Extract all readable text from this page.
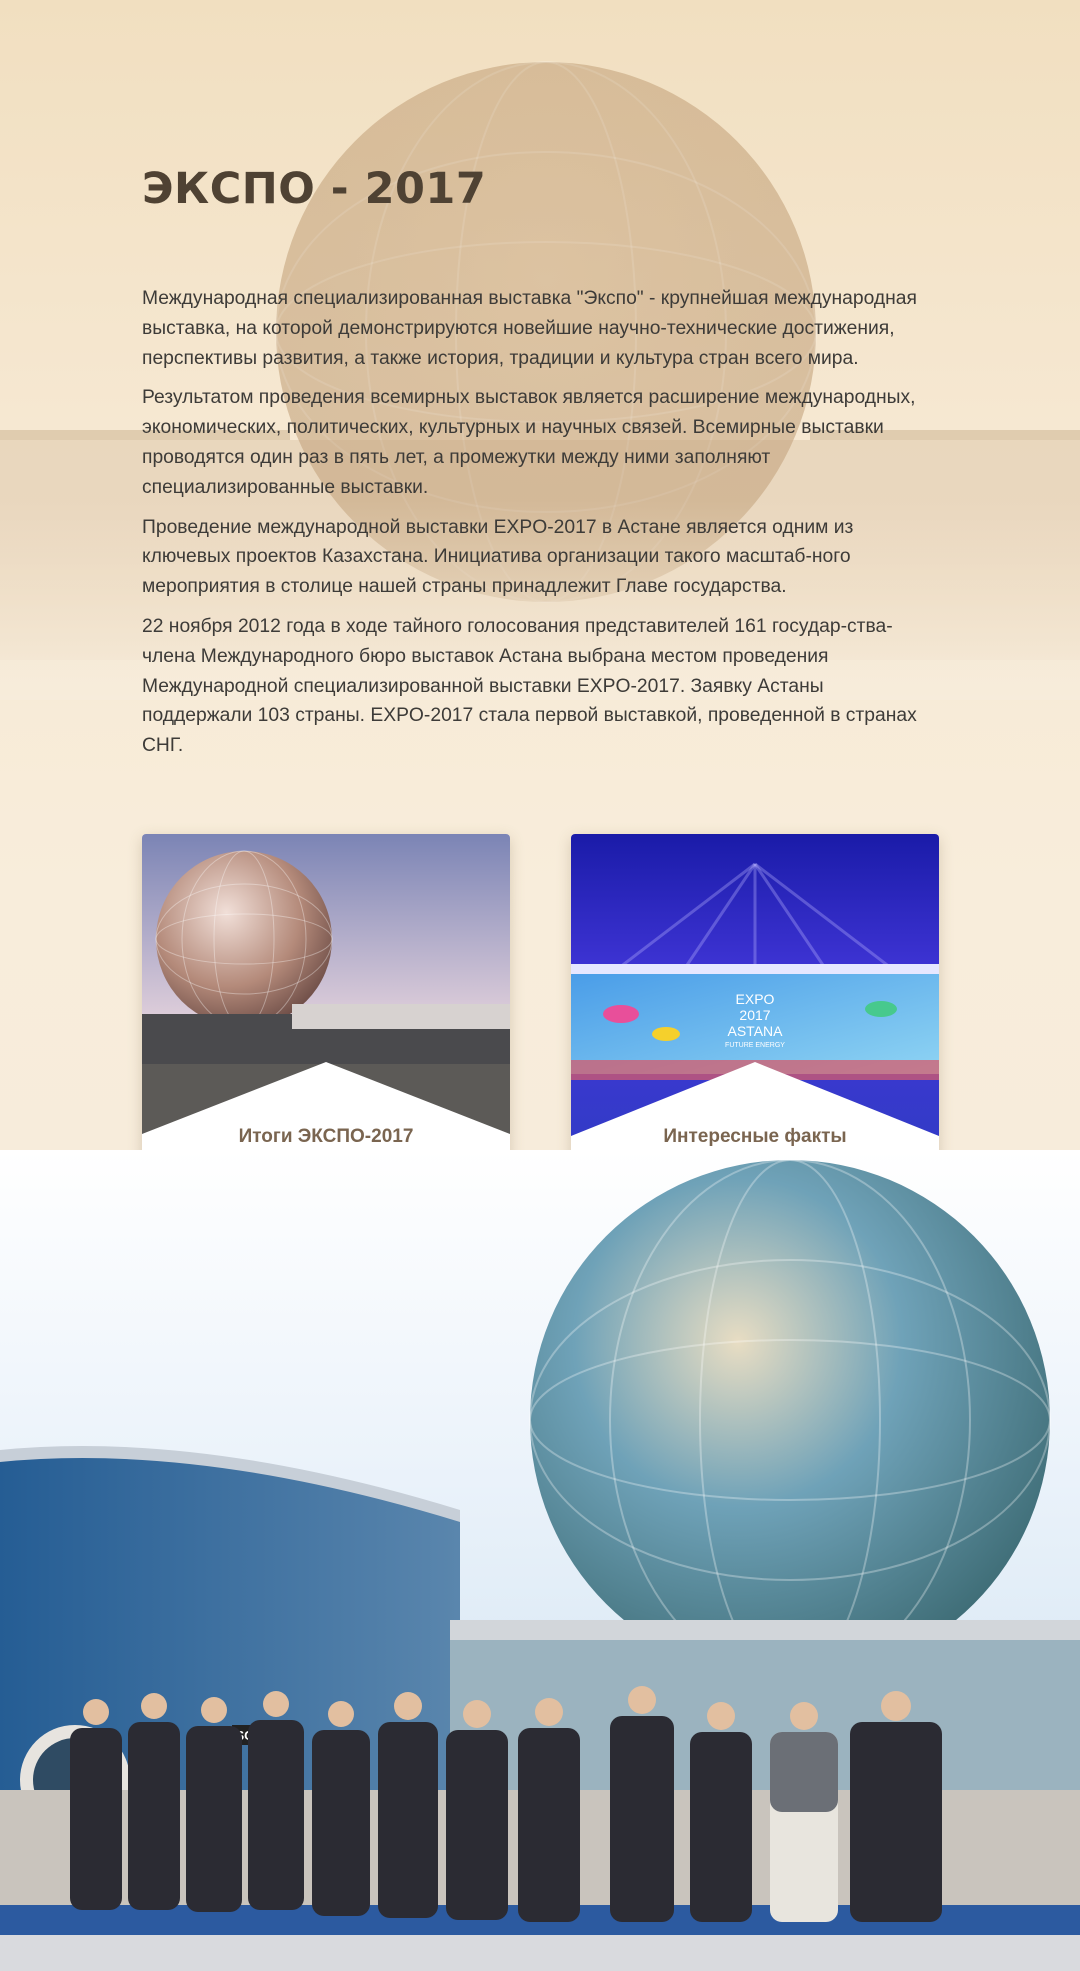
ЭКСПО - 2017

Международная специализированная выставка "Экспо" - крупнейшая международная выставка, на которой демонстрируются новейшие научно-технические достижения, перспективы развития, а также история, традиции и культура стран всего мира.

Результатом проведения всемирных выставок является расширение международных, экономических, политических, культурных и научных связей. Всемирные выставки проводятся один раз в пять лет, а промежутки между ними заполняют специализированные выставки.

Проведение международной выставки EXPO-2017 в Астане является одним из ключевых проектов Казахстана. Инициатива организации такого масштаб-ного мероприятия в столице нашей страны принадлежит Главе государства.

22 ноября 2012 года в ходе тайного голосования представителей 161 государ-ства-члена Международного бюро выставок Астана выбрана местом проведения Международной специализированной выставки EXPO-2017. Заявку Астаны поддержали 103 страны. EXPO-2017 стала первой выставкой, проведенной в странах СНГ.

Итоги ЭКСПО-2017
EXPO
2017
ASTANA
FUTURE ENERGY
Интересные факты
